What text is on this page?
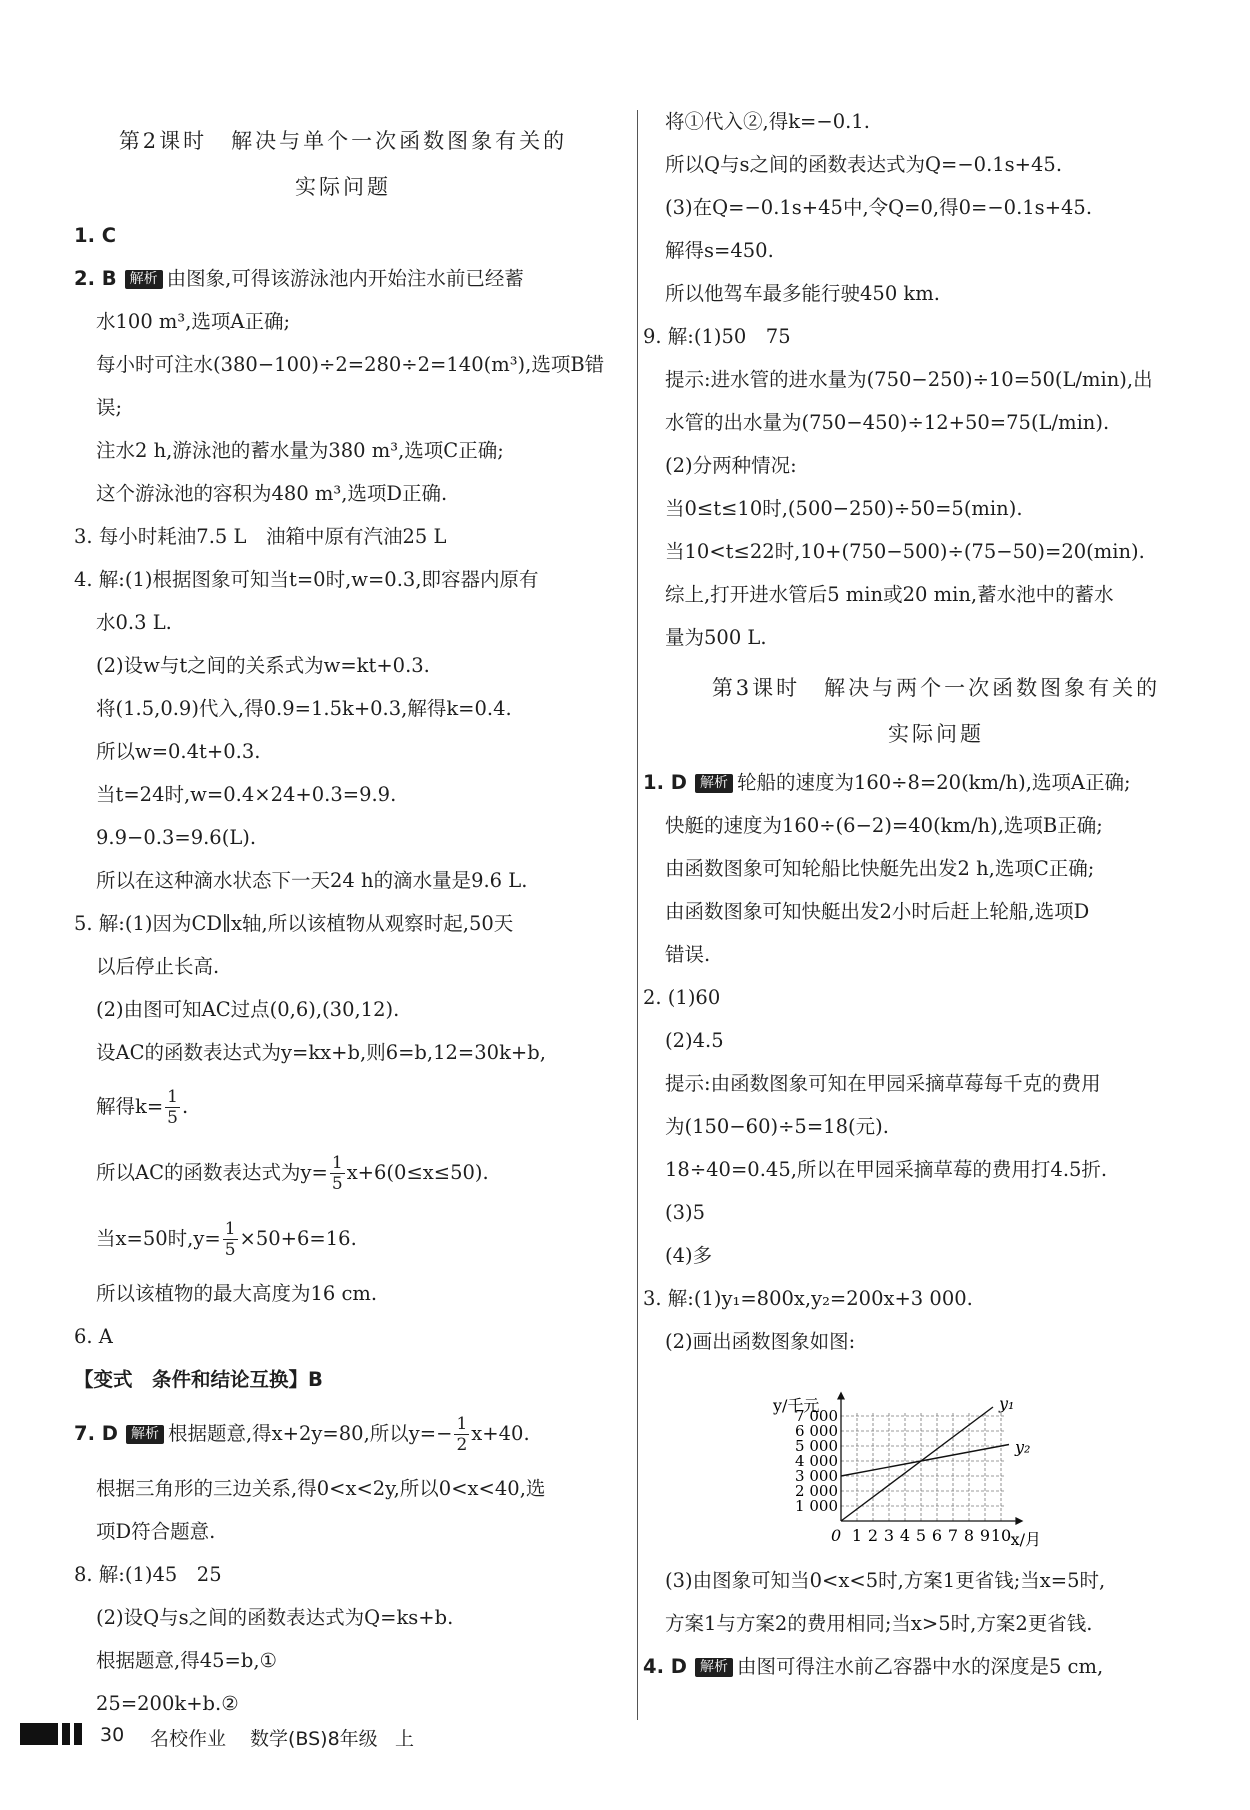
第2课时　解决与单个一次函数图象有关的
实际问题
1. C
2. B 解析 由图象,可得该游泳池内开始注水前已经蓄
水100 m³,选项A正确;
每小时可注水(380−100)÷2=280÷2=140(m³),选项B错
误;
注水2 h,游泳池的蓄水量为380 m³,选项C正确;
这个游泳池的容积为480 m³,选项D正确.
3. 每小时耗油7.5 L　油箱中原有汽油25 L
4. 解:(1)根据图象可知当t=0时,w=0.3,即容器内原有
水0.3 L.
(2)设w与t之间的关系式为w=kt+0.3.
将(1.5,0.9)代入,得0.9=1.5k+0.3,解得k=0.4.
所以w=0.4t+0.3.
当t=24时,w=0.4×24+0.3=9.9.
9.9−0.3=9.6(L).
所以在这种滴水状态下一天24 h的滴水量是9.6 L.
5. 解:(1)因为CD∥x轴,所以该植物从观察时起,50天
以后停止长高.
(2)由图可知AC过点(0,6),(30,12).
设AC的函数表达式为y=kx+b,则6=b,12=30k+b,
解得$k= \frac{1}{5}$ .
所以AC的函数表达式为$y= \frac{1}{5} x+6(0\le x\le 50)$.
当x=50时$,y= \frac{1}{5} \times 50+6=16$.
所以该植物的最大高度为16 cm.
6. A
【变式　条件和结论互换】B
7. D 解析 根据题意,得x+2y=80,所以$y=- \frac{1}{2} x+40$.
根据三角形的三边关系,得0<x<2y,所以0<x<40,选
项D符合题意.
8. 解:(1)45　25
(2)设Q与s之间的函数表达式为Q=ks+b.
根据题意,得45=b,①
25=200k+b.②
将①代入②,得k=−0.1.
所以Q与s之间的函数表达式为Q=−0.1s+45.
(3)在Q=−0.1s+45中,令Q=0,得0=−0.1s+45.
解得s=450.
所以他驾车最多能行驶450 km.
9. 解:(1)50　75
提示:进水管的进水量为(750−250)÷10=50(L/min),出
水管的出水量为(750−450)÷12+50=75(L/min).
(2)分两种情况:
当0≤t≤10时,(500−250)÷50=5(min).
当10<t≤22时,10+(750−500)÷(75−50)=20(min).
综上,打开进水管后5 min或20 min,蓄水池中的蓄水
量为500 L.
第3课时　解决与两个一次函数图象有关的
实际问题
1. D 解析 轮船的速度为160÷8=20(km/h),选项A正确;
快艇的速度为160÷(6−2)=40(km/h),选项B正确;
由函数图象可知轮船比快艇先出发2 h,选项C正确;
由函数图象可知快艇出发2小时后赶上轮船,选项D
错误.
2. (1)60
(2)4.5
提示:由函数图象可知在甲园采摘草莓每千克的费用
为(150−60)÷5=18(元).
18÷40=0.45,所以在甲园采摘草莓的费用打4.5折.
(3)5
(4)多
3. 解:(1)y₁=800x,y₂=200x+3 000.
(2)画出函数图象如图:
1 2 3 4 5 6 7 8 9 10
1 000
2 000
3 000
4 000
5 000
6 000
7 000
0	x/月
y/千元	y₁
y₂
(3)由图象可知当0<x<5时,方案1更省钱;当x=5时,
方案1与方案2的费用相同;当x>5时,方案2更省钱.
4. D 解析 由图可得注水前乙容器中水的深度是5 cm,
30 名校作业 数学(BS)8年级 上
